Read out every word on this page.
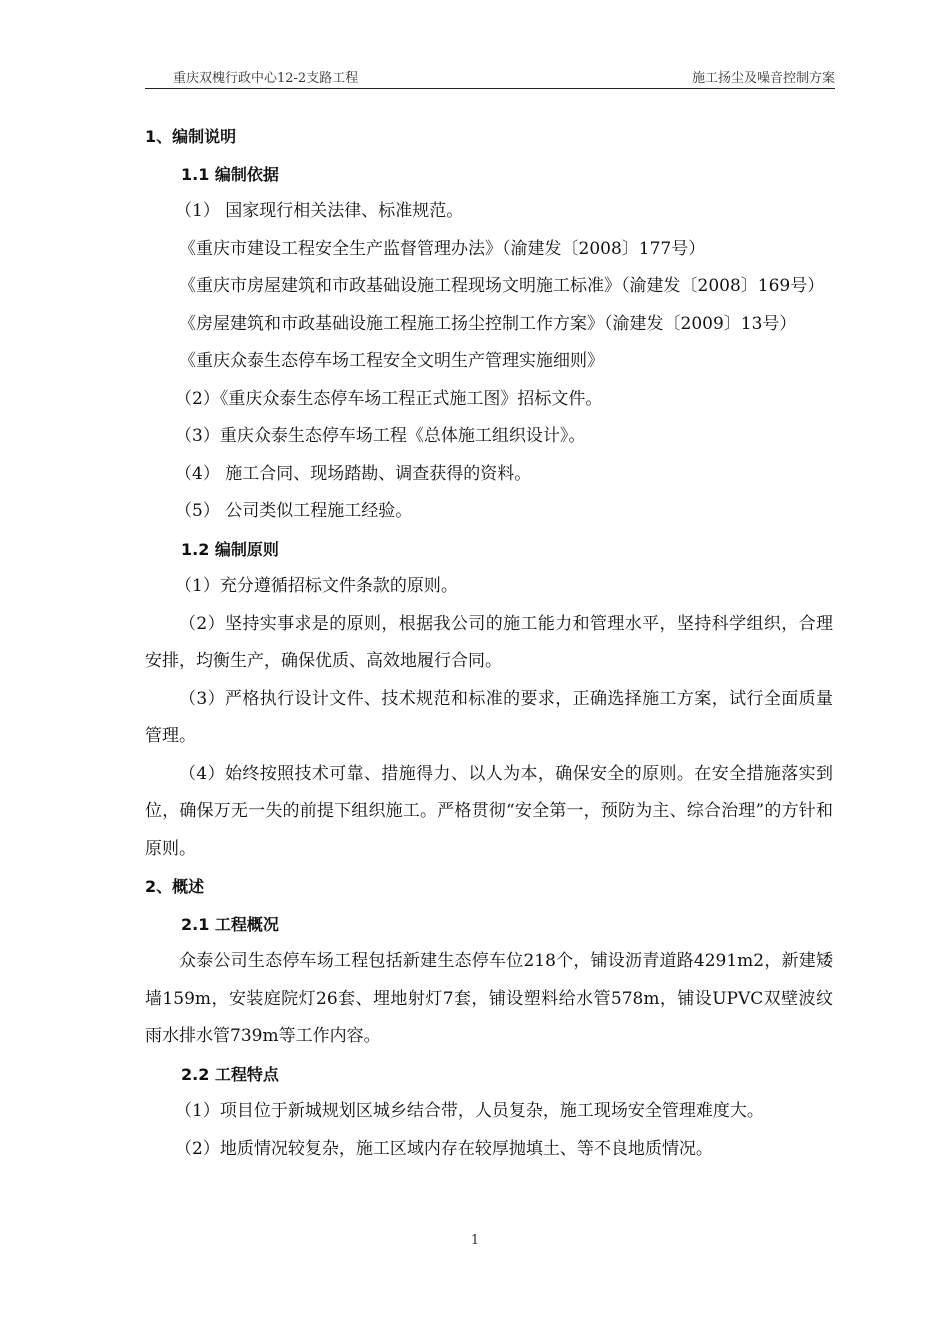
重庆双槐行政中心12-2支路工程	施工扬尘及噪音控制方案

1、编制说明

1.1 编制依据

（1） 国家现行相关法律、标准规范。

《重庆市建设工程安全生产监督管理办法》（渝建发〔2008〕177号）

《重庆市房屋建筑和市政基础设施工程现场文明施工标准》（渝建发〔2008〕169号）

《房屋建筑和市政基础设施工程施工扬尘控制工作方案》（渝建发〔2009〕13号）

《重庆众泰生态停车场工程安全文明生产管理实施细则》

（2）《重庆众泰生态停车场工程正式施工图》招标文件。

（3）重庆众泰生态停车场工程《总体施工组织设计》。

（4） 施工合同、现场踏勘、调查获得的资料。

（5） 公司类似工程施工经验。

1.2 编制原则

（1）充分遵循招标文件条款的原则。

（2）坚持实事求是的原则，根据我公司的施工能力和管理水平，坚持科学组织，合理安排，均衡生产，确保优质、高效地履行合同。

（3）严格执行设计文件、技术规范和标准的要求，正确选择施工方案，试行全面质量管理。

（4）始终按照技术可靠、措施得力、以人为本，确保安全的原则。在安全措施落实到位，确保万无一失的前提下组织施工。严格贯彻“安全第一，预防为主、综合治理”的方针和原则。

2、概述

2.1 工程概况

众泰公司生态停车场工程包括新建生态停车位218个，铺设沥青道路4291m2，新建矮墙159m，安装庭院灯26套、埋地射灯7套，铺设塑料给水管578m，铺设UPVC双壁波纹雨水排水管739m等工作内容。

2.2 工程特点

（1）项目位于新城规划区城乡结合带，人员复杂，施工现场安全管理难度大。

（2）地质情况较复杂，施工区域内存在较厚抛填土、等不良地质情况。

1
